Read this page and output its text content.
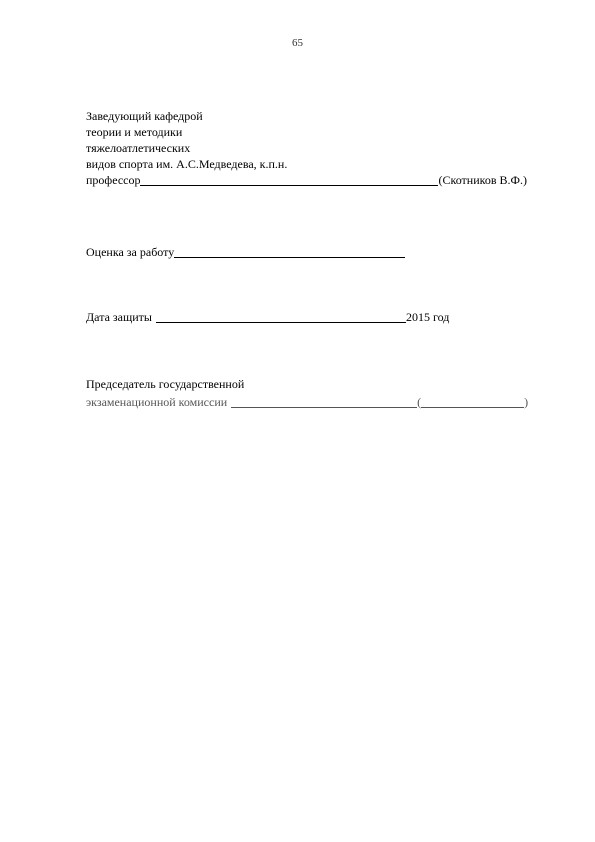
65
Заведующий кафедрой
теории и методики
тяжелоатлетических
видов спорта им. А.С.Медведева, к.п.н.
профессор	(Скотников В.Ф.)
Оценка за работу
Дата защиты	2015 год
Председатель государственной
экзаменационной комиссии	(	)
